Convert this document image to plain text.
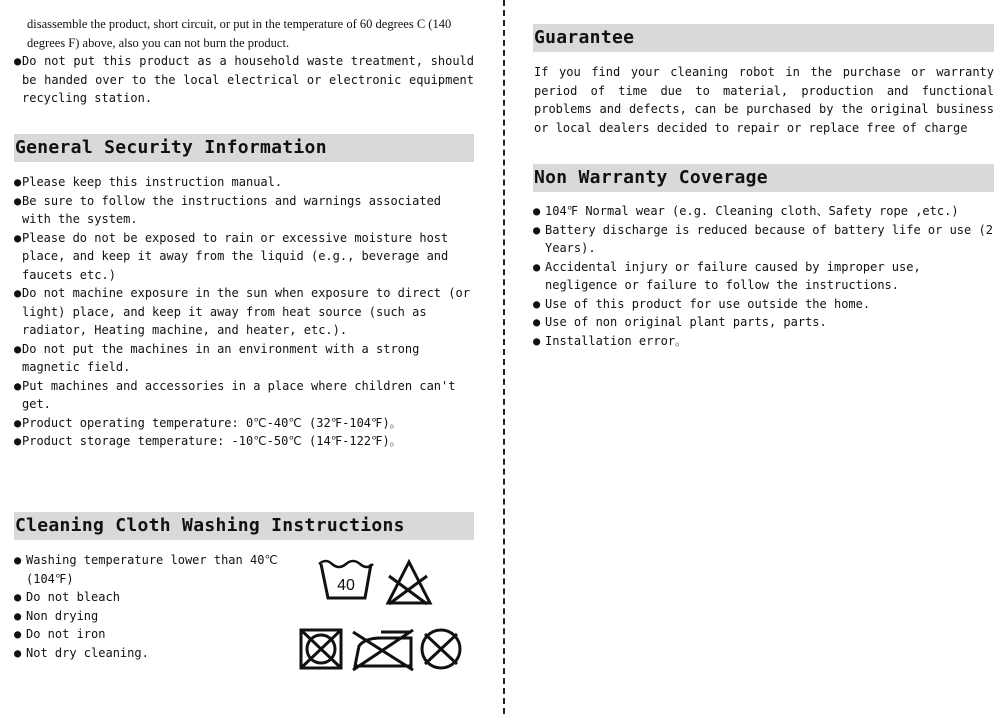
disassemble the product, short circuit, or put in the temperature of 60 degrees C (140
degrees F) above, also you can not burn the product.
●Do not put this product as a household waste treatment, should be handed over to the local electrical or electronic equipment recycling station.
General Security Information
●Please keep this instruction manual.
●Be sure to follow the instructions and warnings associated with the system.
●Please do not be exposed to rain or excessive moisture host place, and keep it away from the liquid (e.g., beverage and faucets etc.)
●Do not machine exposure in the sun when exposure to direct (or light) place, and keep it away from heat source (such as radiator, Heating machine, and heater, etc.).
●Do not put the machines in an environment with a strong magnetic field.
●Put machines and accessories in a place where children can't get.
●Product operating temperature: 0℃-40℃ (32℉-104℉)。
●Product storage temperature: -10℃-50℃ (14℉-122℉)。
Cleaning Cloth Washing Instructions
● Washing temperature lower than 40℃ (104℉)
● Do not bleach
● Non drying
● Do not iron
● Not dry cleaning.
40
Guarantee

If you find your cleaning robot in the purchase or warranty period of time due to material, production and functional problems and defects, can be purchased by the original business or local dealers decided to repair or replace free of charge

Non Warranty Coverage
● 104℉ Normal wear (e.g. Cleaning cloth、Safety rope ,etc.)
● Battery discharge is reduced because of battery life or use (2 Years).
● Accidental injury or failure caused by improper use, negligence or failure to follow the instructions.
● Use of this product for use outside the home.
● Use of non original plant parts, parts.
● Installation error。
